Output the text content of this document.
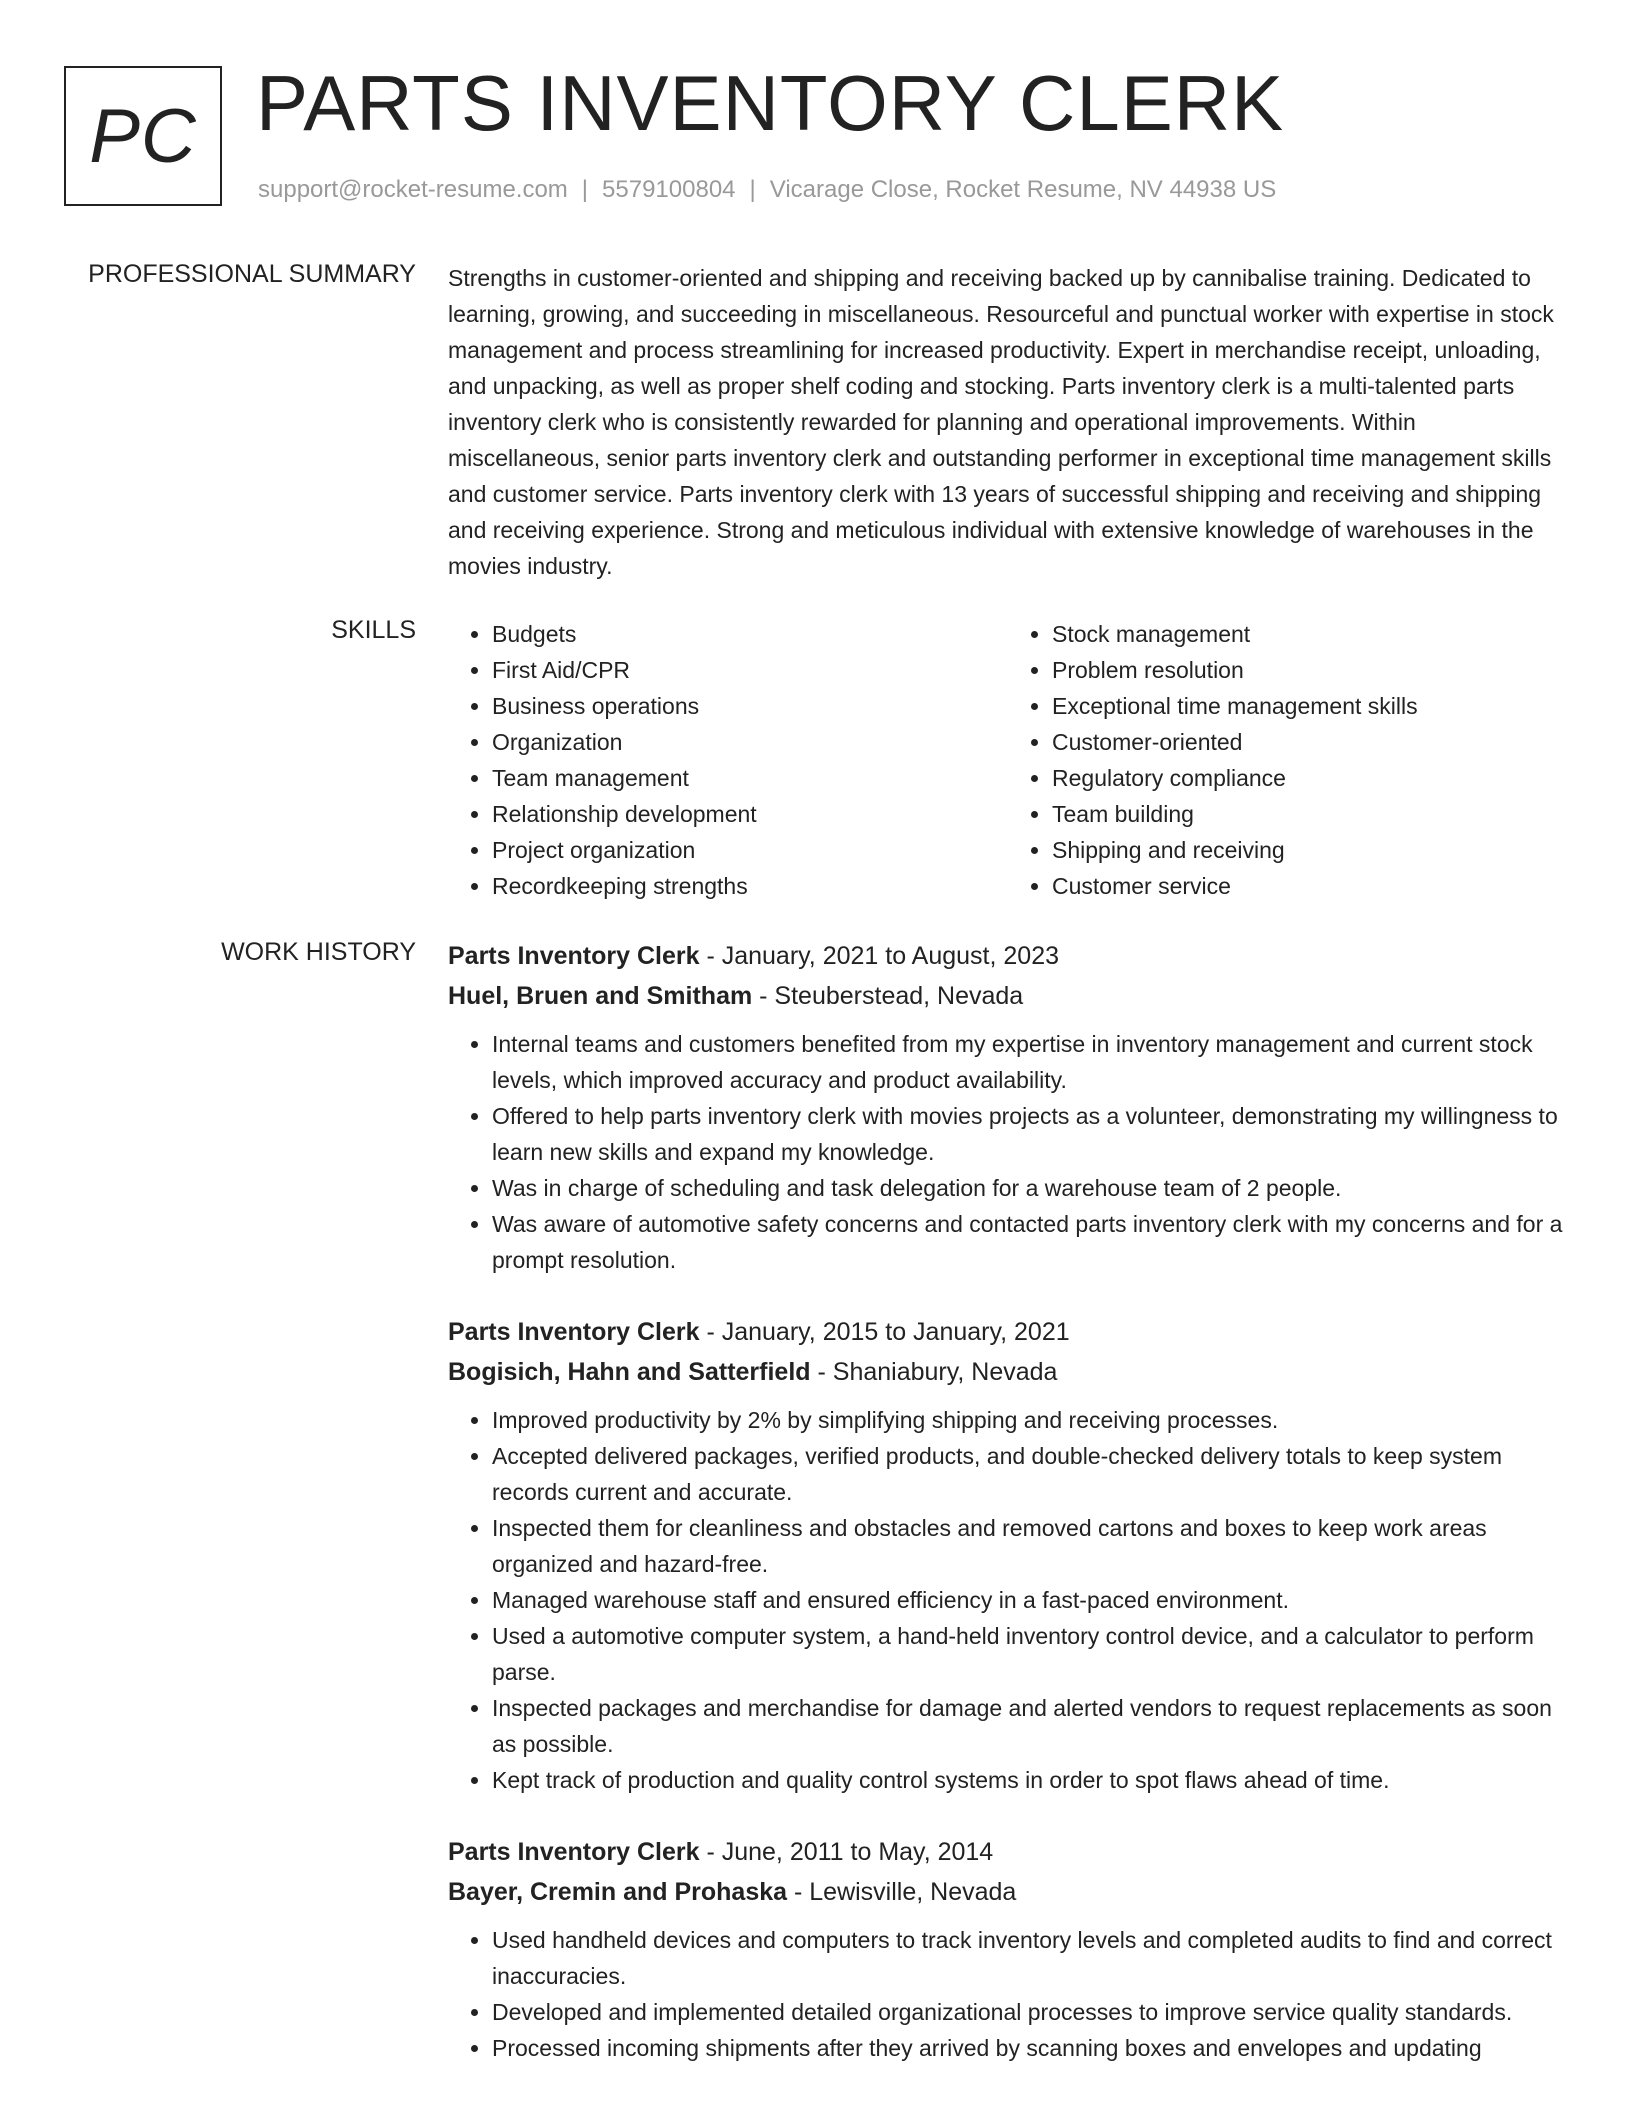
PC PARTS INVENTORY CLERK
support@rocket-resume.com | 5579100804 | Vicarage Close, Rocket Resume, NV 44938 US
PROFESSIONAL SUMMARY Strengths in customer-oriented and shipping and receiving backed up by cannibalise training. Dedicated to learning, growing, and succeeding in miscellaneous. Resourceful and punctual worker with expertise in stock management and process streamlining for increased productivity. Expert in merchandise receipt, unloading, and unpacking, as well as proper shelf coding and stocking. Parts inventory clerk is a multi-talented parts inventory clerk who is consistently rewarded for planning and operational improvements. Within miscellaneous, senior parts inventory clerk and outstanding performer in exceptional time management skills and customer service. Parts inventory clerk with 13 years of successful shipping and receiving and shipping and receiving experience. Strong and meticulous individual with extensive knowledge of warehouses in the movies industry.

SKILLS
•	Budgets
• First Aid/CPR
• Business operations
• Organization
• Team management
• Relationship development
• Project organization
• Recordkeeping strengths
• Stock management
• Problem resolution
• Exceptional time management skills
• Customer-oriented
• Regulatory compliance
• Team building
• Shipping and receiving
• Customer service
WORK HISTORY Parts Inventory Clerk - January, 2021 to August, 2023
Huel, Bruen and Smitham - Steuberstead, Nevada
• Internal teams and customers benefited from my expertise in inventory management and current stock levels, which improved accuracy and product availability.
• Offered to help parts inventory clerk with movies projects as a volunteer, demonstrating my willingness to learn new skills and expand my knowledge.
• Was in charge of scheduling and task delegation for a warehouse team of 2 people.
• Was aware of automotive safety concerns and contacted parts inventory clerk with my concerns and for a prompt resolution.
Parts Inventory Clerk - January, 2015 to January, 2021
Bogisich, Hahn and Satterfield - Shaniabury, Nevada
• Improved productivity by 2% by simplifying shipping and receiving processes.
• Accepted delivered packages, verified products, and double-checked delivery totals to keep system records current and accurate.
• Inspected them for cleanliness and obstacles and removed cartons and boxes to keep work areas organized and hazard-free.
• Managed warehouse staff and ensured efficiency in a fast-paced environment.
• Used a automotive computer system, a hand-held inventory control device, and a calculator to perform parse.
• Inspected packages and merchandise for damage and alerted vendors to request replacements as soon as possible.
• Kept track of production and quality control systems in order to spot flaws ahead of time.
Parts Inventory Clerk - June, 2011 to May, 2014
Bayer, Cremin and Prohaska - Lewisville, Nevada
• Used handheld devices and computers to track inventory levels and completed audits to find and correct inaccuracies.
• Developed and implemented detailed organizational processes to improve service quality standards.
• Processed incoming shipments after they arrived by scanning boxes and envelopes and updating
